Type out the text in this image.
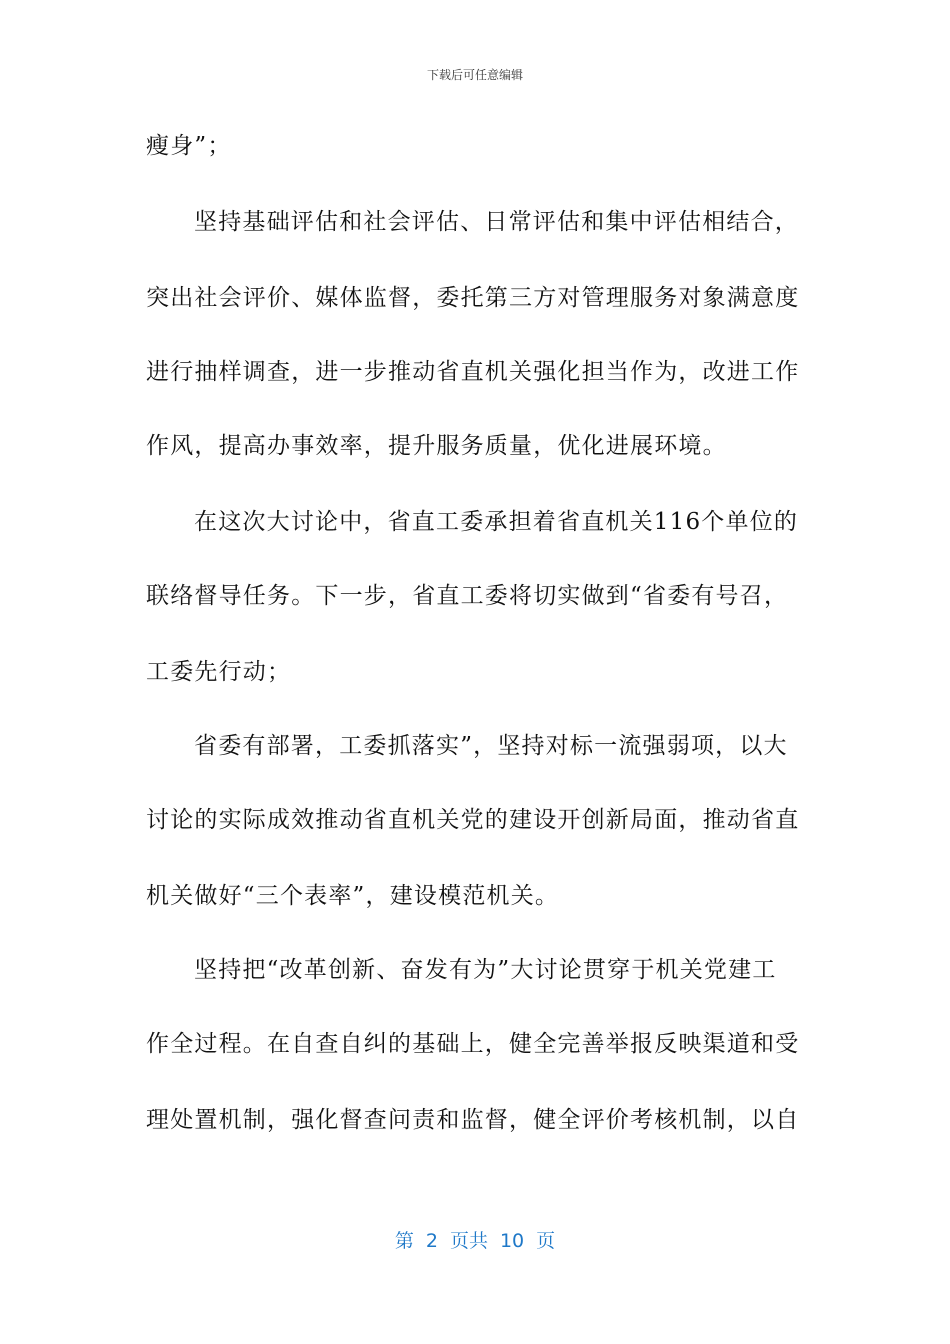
下载后可任意编辑
瘦身”；
坚持基础评估和社会评估、日常评估和集中评估相结合，
突出社会评价、媒体监督，委托第三方对管理服务对象满意度
进行抽样调查，进一步推动省直机关强化担当作为，改进工作
作风，提高办事效率，提升服务质量，优化进展环境。
在这次大讨论中，省直工委承担着省直机关116个单位的
联络督导任务。下一步，省直工委将切实做到“省委有号召，
工委先行动；
省委有部署，工委抓落实”，坚持对标一流强弱项，以大
讨论的实际成效推动省直机关党的建设开创新局面，推动省直
机关做好“三个表率”，建设模范机关。
坚持把“改革创新、奋发有为”大讨论贯穿于机关党建工
作全过程。在自查自纠的基础上，健全完善举报反映渠道和受
理处置机制，强化督查问责和监督，健全评价考核机制，以自
第 2 页共 10 页
